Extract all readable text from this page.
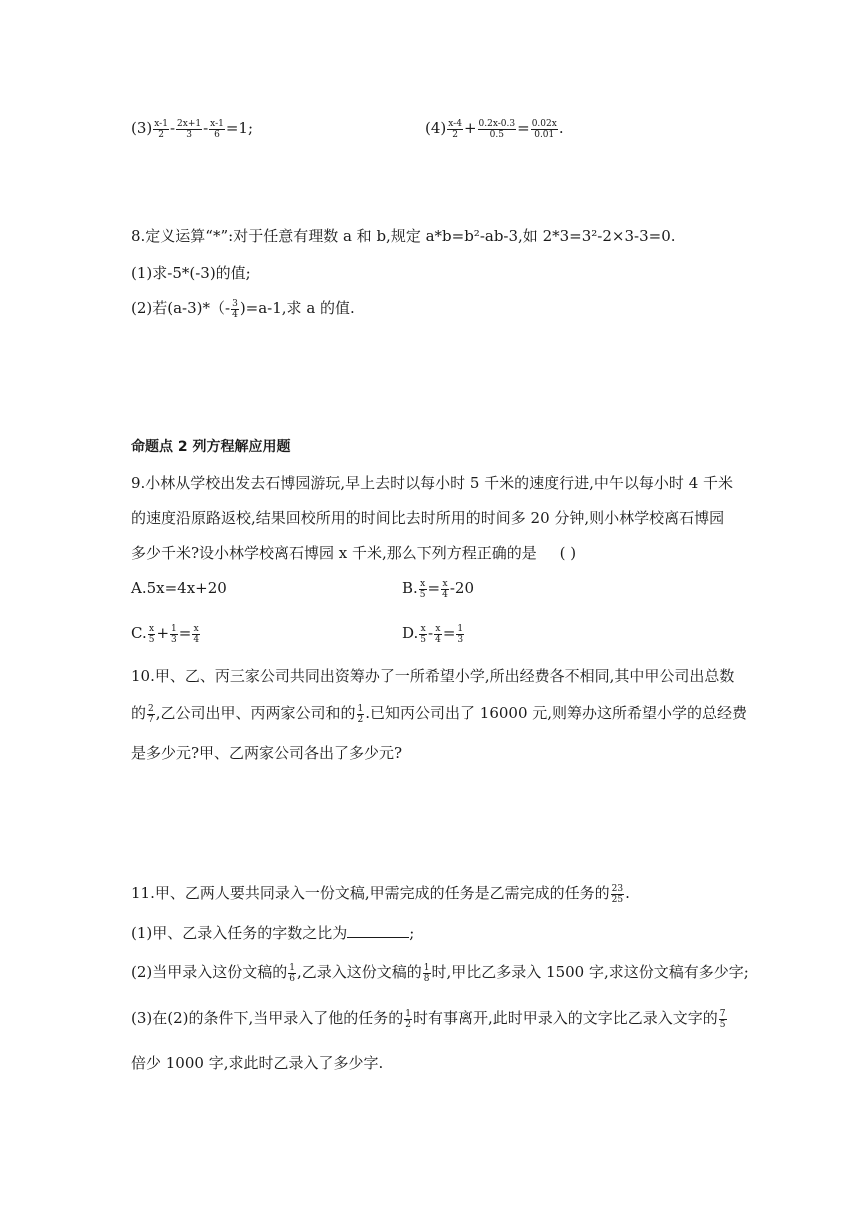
$(3) \frac{x-1}{2} - \frac{2x+1}{3} - \frac{x-1}{6} =1$;	$(4) \frac{x-4}{2} + \frac{0.2x-0.3}{0.5} = \frac{0.02x}{0.01}$ .
8.定义运算“*”:对于任意有理数 a 和 b,规定 a*b=b²-ab-3,如 2*3=3²-2×3-3=0.
(1)求-5*(-3)的值;
(2)若$(a-3)*(- \frac{3}{4} )=a-1$,求 a 的值.
命题点 2 列方程解应用题
9.小林从学校出发去石博园游玩,早上去时以每小时 5 千米的速度行进,中午以每小时 4 千米
的速度沿原路返校,结果回校所用的时间比去时所用的时间多 20 分钟,则小林学校离石博园
多少千米?设小林学校离石博园 x 千米,那么下列方程正确的是 ( )
A.5x=4x+20	B. $\frac{x}{5} = \frac{x}{4} -20$
C. $\frac{x}{5} + \frac{1}{3} = \frac{x}{4}$	D. $\frac{x}{5} - \frac{x}{4} = \frac{1}{3}$
10.甲、乙、丙三家公司共同出资筹办了一所希望小学,所出经费各不相同,其中甲公司出总数
的 $\frac{2}{7}$ ,乙公司出甲、丙两家公司和的 $\frac{1}{2}$ .已知丙公司出了 16000 元,则筹办这所希望小学的总经费
是多少元?甲、乙两家公司各出了多少元?
11.甲、乙两人要共同录入一份文稿,甲需完成的任务是乙需完成的任务的 $\frac{23}{25}$ .
(1)甲、乙录入任务的字数之比为	;
(2)当甲录入这份文稿的 $\frac{1}{6}$ ,乙录入这份文稿的 $\frac{1}{8}$ 时,甲比乙多录入 1500 字,求这份文稿有多少字;
(3)在(2)的条件下,当甲录入了他的任务的 $\frac{1}{2}$ 时有事离开,此时甲录入的文字比乙录入文字的 $\frac{7}{5}$
倍少 1000 字,求此时乙录入了多少字.
